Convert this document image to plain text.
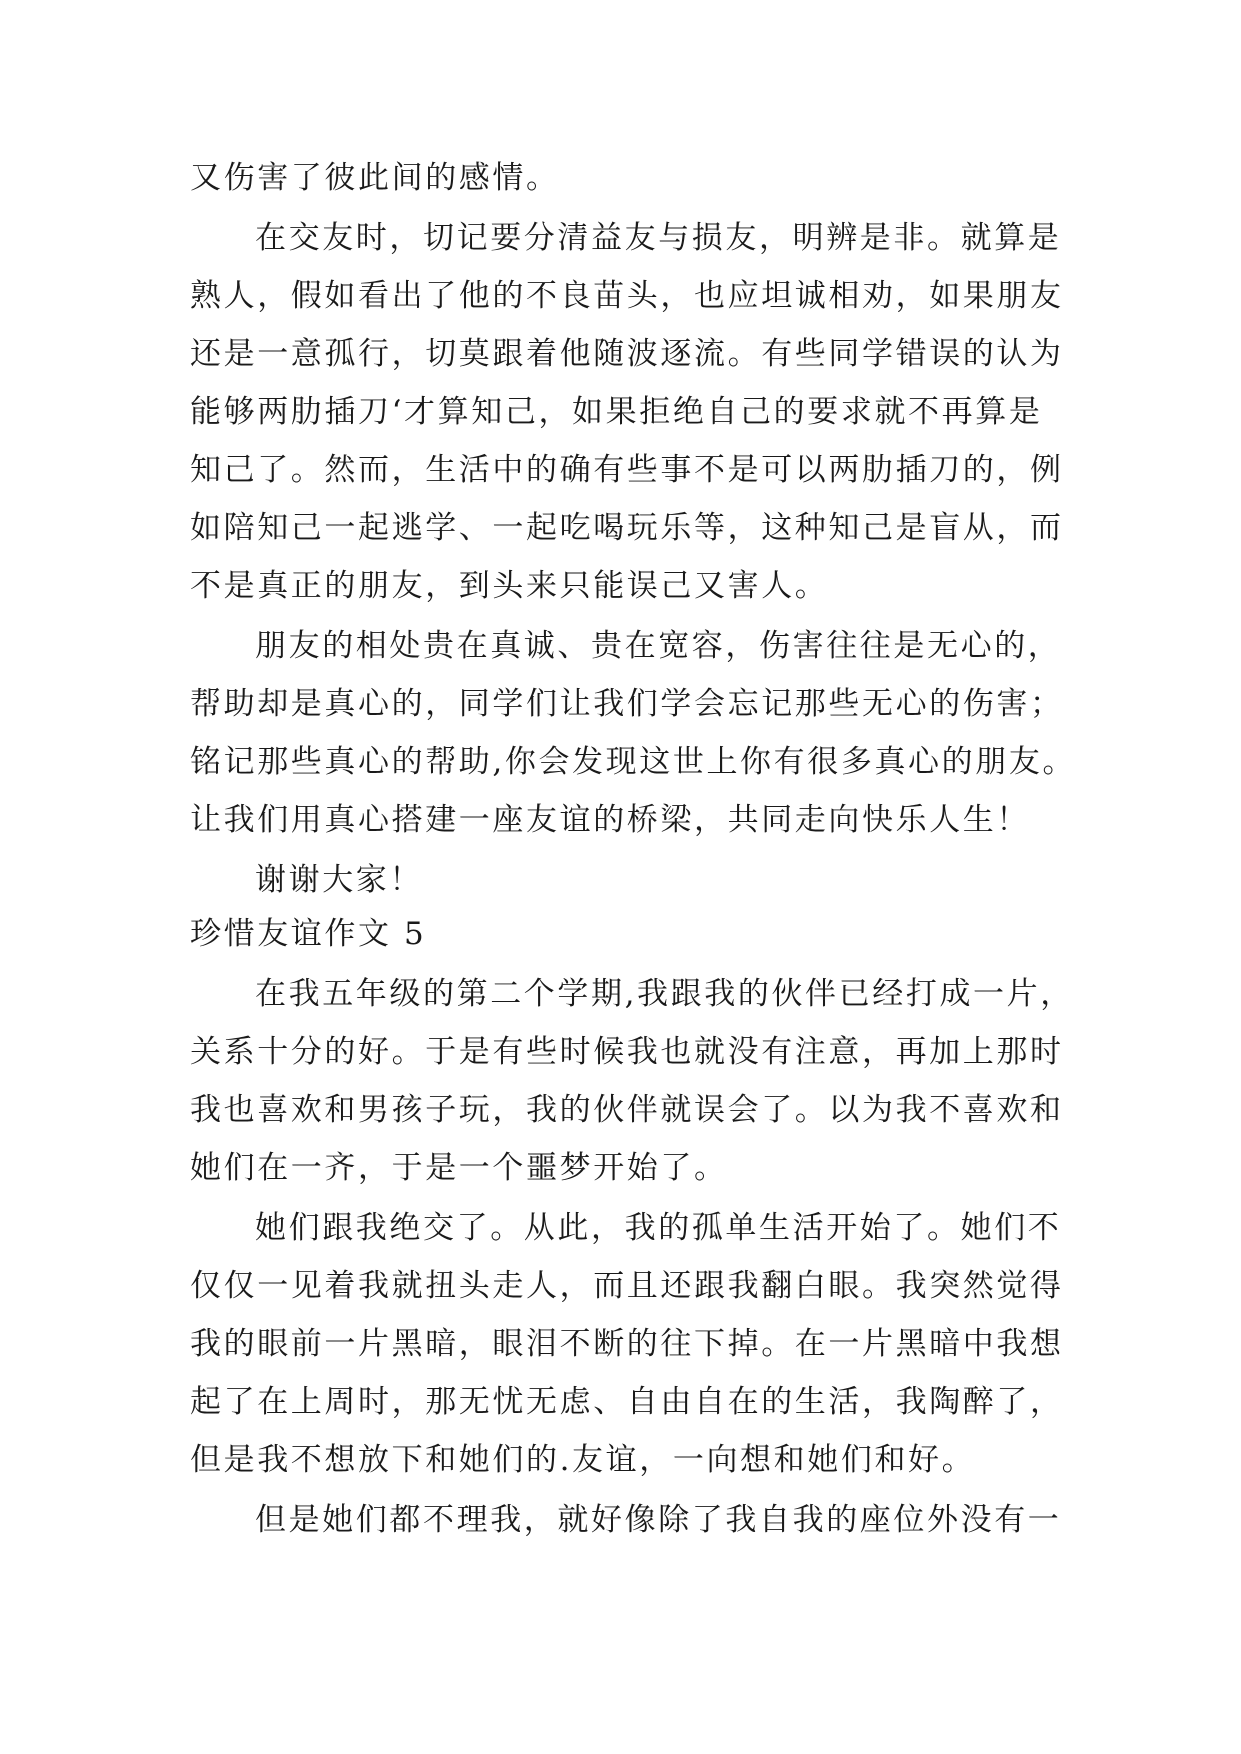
又伤害了彼此间的感情。
在交友时，切记要分清益友与损友，明辨是非。就算是
熟人，假如看出了他的不良苗头，也应坦诚相劝，如果朋友
还是一意孤行，切莫跟着他随波逐流。有些同学错误的认为
能够两肋插刀‘才算知己，如果拒绝自己的要求就不再算是
知己了。然而，生活中的确有些事不是可以两肋插刀的，例
如陪知己一起逃学、一起吃喝玩乐等，这种知己是盲从，而
不是真正的朋友，到头来只能误己又害人。
朋友的相处贵在真诚、贵在宽容，伤害往往是无心的，
帮助却是真心的，同学们让我们学会忘记那些无心的伤害；
铭记那些真心的帮助,你会发现这世上你有很多真心的朋友。
让我们用真心搭建一座友谊的桥梁，共同走向快乐人生！
谢谢大家！
珍惜友谊作文 5
在我五年级的第二个学期,我跟我的伙伴已经打成一片，
关系十分的好。于是有些时候我也就没有注意，再加上那时
我也喜欢和男孩子玩，我的伙伴就误会了。以为我不喜欢和
她们在一齐，于是一个噩梦开始了。
她们跟我绝交了。从此，我的孤单生活开始了。她们不
仅仅一见着我就扭头走人，而且还跟我翻白眼。我突然觉得
我的眼前一片黑暗，眼泪不断的往下掉。在一片黑暗中我想
起了在上周时，那无忧无虑、自由自在的生活，我陶醉了，
但是我不想放下和她们的.友谊，一向想和她们和好。
但是她们都不理我，就好像除了我自我的座位外没有一
